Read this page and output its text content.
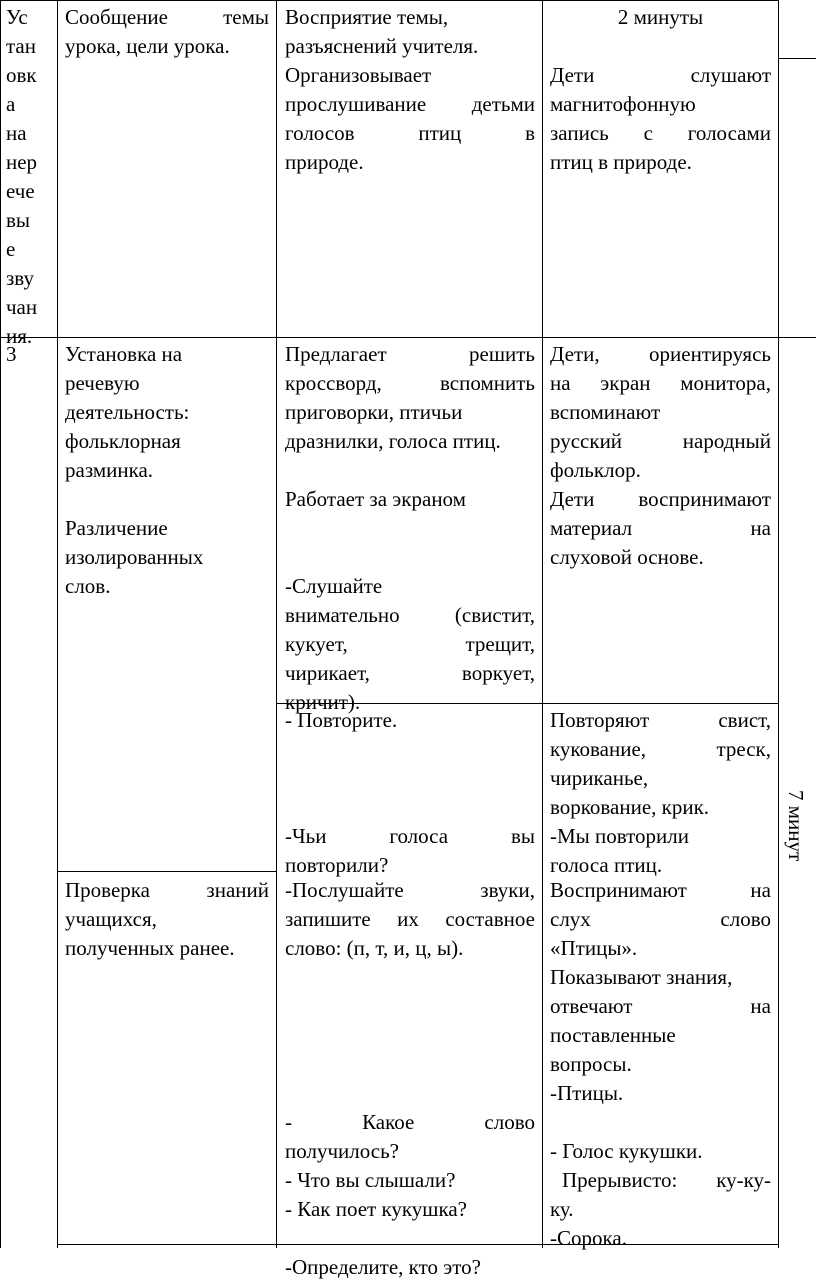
Ус

тан

овк

а

на

нер

ече

вы

е

зву

чан

ия.

Сообщение темы

урока, цели урока.

Восприятие темы,

разъяснений учителя.

Организовывает

прослушивание детьми

голосов птиц в

природе.

2 минуты

Дети слушают

магнитофонную

запись с голосами

птиц в природе.

3	Установка на

речевую

деятельность:

фольклорная

разминка.

Различение

изолированных

слов.

Предлагает решить

кроссворд, вспомнить

приговорки, птичьи

дразнилки, голоса птиц.

Работает за экраном

-Слушайте

внимательно (свистит,

кукует, трещит,

чирикает, воркует,

кричит).

Дети, ориентируясь

на экран монитора,

вспоминают

русский народный

фольклор.

Дети воспринимают

материал на

слуховой основе.

- Повторите.

-Чьи голоса вы

повторили?

Повторяют свист,

кукование, треск,

чириканье,

воркование, крик.

-Мы повторили

голоса птиц.

7 минут

Проверка знаний

учащихся,

полученных ранее.

-Послушайте звуки,

запишите их составное

слово: (п, т, и, ц, ы).

- Какое слово

получилось?

- Что вы слышали?

- Как поет кукушка?

-Определите, кто это?

Воспринимают на

слух слово

«Птицы».

Показывают знания,

отвечают на

поставленные

вопросы.

-Птицы.

- Голос кукушки.

Прерывисто: ку-ку-

ку.

-Сорока.
